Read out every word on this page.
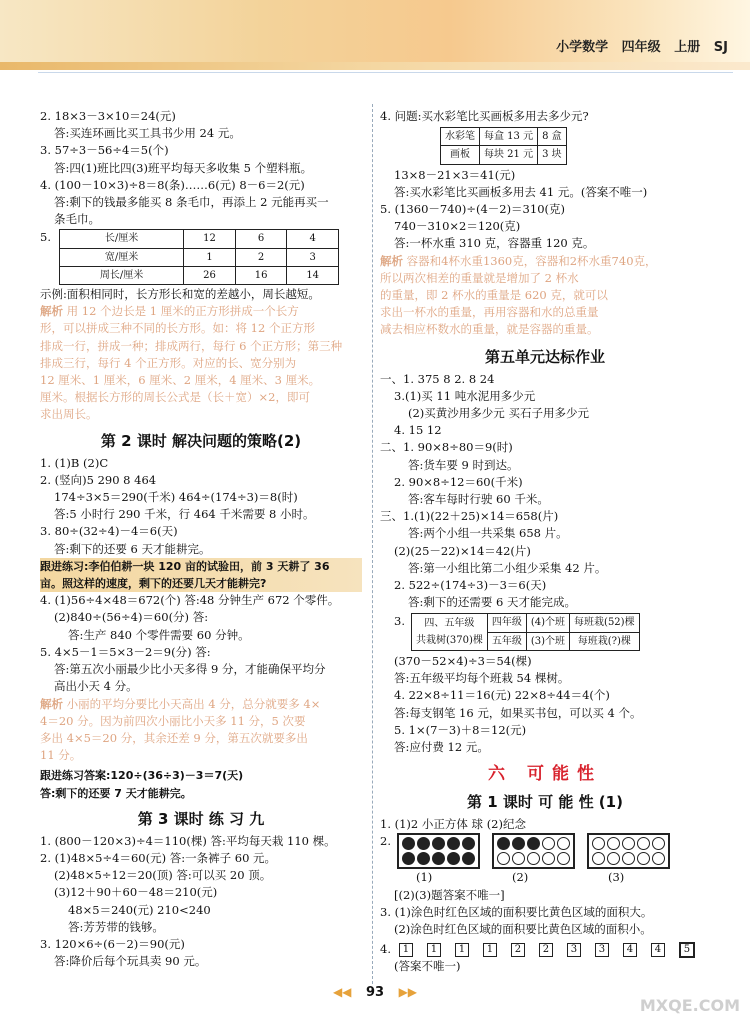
小学数学   四年级   上册   SJ
2. 18×3－3×10＝24(元)
答:买连环画比买工具书少用 24 元。
3. 57÷3－56÷4＝5(个)
答:四(1)班比四(3)班平均每天多收集 5 个塑料瓶。
4. (100－10×3)÷8＝8(条)……6(元) 8－6＝2(元)
答:剩下的钱最多能买 8 条毛巾，再添上 2 元能再买一
条毛巾。
5.	长/厘米	12	6	4
宽/厘米	1	2	3
周长/厘米	26	16	14
示例:面积相同时，长方形长和宽的差越小，周长越短。
解析 用 12 个边长是 1 厘米的正方形拼成一个长方
形，可以拼成三种不同的长方形。如：将 12 个正方形
排成一行，拼成一种；排成两行，每行 6 个正方形；第三种
排成三行，每行 4 个正方形。对应的长、宽分别为
12 厘米、1 厘米，6 厘米、2 厘米，4 厘米、3 厘米。
厘米。根据长方形的周长公式是（长＋宽）×2，即可
求出周长。
第 2 课时 解决问题的策略(2)
1. (1)B (2)C
2. (竖向)5 290 8 464
174÷3×5＝290(千米) 464÷(174÷3)＝8(时)
答:5 小时行 290 千米，行 464 千米需要 8 小时。
3. 80÷(32÷4)－4＝6(天)
答:剩下的还要 6 天才能耕完。
跟进练习:李伯伯耕一块 120 亩的试验田，前 3 天耕了 36
亩。照这样的速度，剩下的还要几天才能耕完?
4. (1)56÷4×48＝672(个) 答:48 分钟生产 672 个零件。
(2)840÷(56÷4)＝60(分) 答:
答:生产 840 个零件需要 60 分钟。
5. 4×5－1＝5×3－2＝9(分) 答:
答:第五次小丽最少比小天多得 9 分，才能确保平均分
高出小天 4 分。
解析 小丽的平均分要比小天高出 4 分，总分就要多 4×
4＝20 分。因为前四次小丽比小天多 11 分，5 次要
多出 4×5＝20 分，其余还差 9 分，第五次就要多出
11 分。
跟进练习答案:120÷(36÷3)－3＝7(天)
答:剩下的还要 7 天才能耕完。
第 3 课时 练 习 九
1. (800－120×3)÷4＝110(棵) 答:平均每天栽 110 棵。
2. (1)48×5÷4＝60(元) 答:一条裤子 60 元。
(2)48×5÷12＝20(顶) 答:可以买 20 顶。
(3)12＋90＋60－48＝210(元)
48×5＝240(元) 210<240
答:芳芳带的钱够。
3. 120×6÷(6－2)＝90(元)
答:降价后每个玩具卖 90 元。
4. 问题:买水彩笔比买画板多用去多少元?
水彩笔	每盒 13 元	8 盒
画板	每块 21 元	3 块
13×8－21×3＝41(元)
答:买水彩笔比买画板多用去 41 元。(答案不唯一)
5. (1360－740)÷(4－2)＝310(克)
740－310×2＝120(克)
答:一杯水重 310 克，容器重 120 克。
解析 容器和4杯水重1360克，容器和2杯水重740克，
所以两次相差的重量就是增加了 2 杯水
的重量，即 2 杯水的重量是 620 克，就可以
求出一杯水的重量，再用容器和水的总重量
减去相应杯数水的重量，就是容器的重量。
第五单元达标作业
一、1. 375 8 2. 8 24
3.(1)买 11 吨水泥用多少元
(2)买黄沙用多少元 买石子用多少元
4. 15 12
二、1. 90×8÷80＝9(时)
答:货车要 9 时到达。
2. 90×8÷12＝60(千米)
答:客车每时行驶 60 千米。
三、1.(1)(22＋25)×14＝658(片)
答:两个小组一共采集 658 片。
(2)(25－22)×14＝42(片)
答:第一小组比第二小组少采集 42 片。
2. 522÷(174÷3)－3＝6(天)
答:剩下的还需要 6 天才能完成。
3.	四、五年级
共栽树(370)棵	四年级	(4)个班	每班栽(52)棵
	五年级	(3)个班	每班栽(?)棵
(370－52×4)÷3＝54(棵)
答:五年级平均每个班栽 54 棵树。
4. 22×8÷11＝16(元) 22×8÷44＝4(个)
答:每支钢笔 16 元，如果买书包，可以买 4 个。
5. 1×(7－3)＋8＝12(元)
答:应付费 12 元。
六 可能性
第 1 课时 可 能 性 (1)
1. (1)2 小正方体 球 (2)纪念
2.
(1)	(2)	(3)
[(2)(3)题答案不唯一]
3. (1)涂色时红色区域的面积要比黄色区域的面积大。
(2)涂色时红色区域的面积要比黄色区域的面积小。
4.	1 1 1 1 2 2 3 3 4 4 5
(答案不唯一)
◀◀ 93 ▶▶
MXQE.COM
